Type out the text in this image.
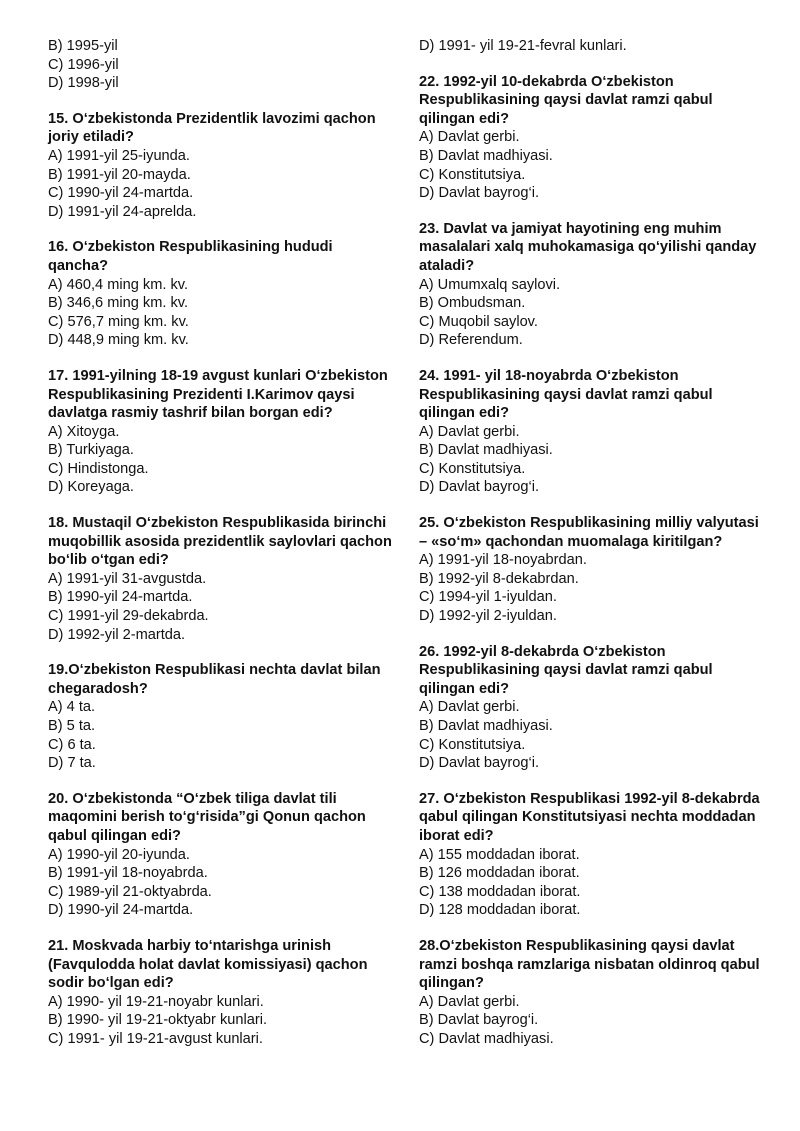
B) 1995-yil

C) 1996-yil

D) 1998-yil

15. O‘zbekistonda Prezidentlik lavozimi qachon joriy etiladi?

A) 1991-yil 25-iyunda.

B) 1991-yil 20-mayda.

C) 1990-yil 24-martda.

D) 1991-yil 24-aprelda.

16. O‘zbekiston Respublikasining hududi qancha?

A) 460,4 ming km. kv.

B) 346,6 ming km. kv.

C) 576,7 ming km. kv.

D) 448,9 ming km. kv.

17. 1991-yilning 18-19 avgust kunlari O‘zbekiston Respublikasining Prezidenti I.Karimov qaysi davlatga rasmiy tashrif bilan borgan edi?

A) Xitoyga.

B) Turkiyaga.

C) Hindistonga.

D) Koreyaga.

18. Mustaqil O‘zbekiston Respublikasida birinchi muqobillik asosida prezidentlik saylovlari qachon bo‘lib o‘tgan edi?

A) 1991-yil 31-avgustda.

B) 1990-yil 24-martda.

C) 1991-yil 29-dekabrda.

D) 1992-yil 2-martda.

19.O‘zbekiston Respublikasi nechta davlat bilan chegaradosh?

A) 4 ta.

B) 5 ta.

C) 6 ta.

D) 7 ta.

20. O‘zbekistonda “O‘zbek tiliga davlat tili maqomini berish to‘g‘risida”gi Qonun qachon qabul qilingan edi?

A) 1990-yil 20-iyunda.

B) 1991-yil 18-noyabrda.

C) 1989-yil 21-oktyabrda.

D) 1990-yil 24-martda.

21. Moskvada harbiy to‘ntarishga urinish (Favqulodda holat davlat komissiyasi) qachon sodir bo‘lgan edi?

A) 1990- yil 19-21-noyabr kunlari.

B) 1990- yil 19-21-oktyabr kunlari.

C) 1991- yil 19-21-avgust kunlari.

D) 1991- yil 19-21-fevral kunlari.

22. 1992-yil 10-dekabrda O‘zbekiston Respublikasining qaysi davlat ramzi qabul qilingan edi?

A) Davlat gerbi.

B) Davlat madhiyasi.

C) Konstitutsiya.

D) Davlat bayrog‘i.

23. Davlat va jamiyat hayotining eng muhim masalalari xalq muhokamasiga qo‘yilishi qanday ataladi?

A) Umumxalq saylovi.

B) Ombudsman.

C) Muqobil saylov.

D) Referendum.

24. 1991- yil 18-noyabrda O‘zbekiston Respublikasining qaysi davlat ramzi qabul qilingan edi?

A) Davlat gerbi.

B) Davlat madhiyasi.

C) Konstitutsiya.

D) Davlat bayrog‘i.

25. O‘zbekiston Respublikasining milliy valyutasi – «so‘m» qachondan muomalaga kiritilgan?

A) 1991-yil 18-noyabrdan.

B) 1992-yil 8-dekabrdan.

C) 1994-yil 1-iyuldan.

D) 1992-yil 2-iyuldan.

26. 1992-yil 8-dekabrda O‘zbekiston Respublikasining qaysi davlat ramzi qabul qilingan edi?

A) Davlat gerbi.

B) Davlat madhiyasi.

C) Konstitutsiya.

D) Davlat bayrog‘i.

27. O‘zbekiston Respublikasi 1992-yil 8-dekabrda qabul qilingan Konstitutsiyasi nechta moddadan iborat edi?

A) 155 moddadan iborat.

B) 126 moddadan iborat.

C) 138 moddadan iborat.

D) 128 moddadan iborat.

28.O‘zbekiston Respublikasining qaysi davlat ramzi boshqa ramzlariga nisbatan oldinroq qabul qilingan?

A) Davlat gerbi.

B) Davlat bayrog‘i.

C) Davlat madhiyasi.
